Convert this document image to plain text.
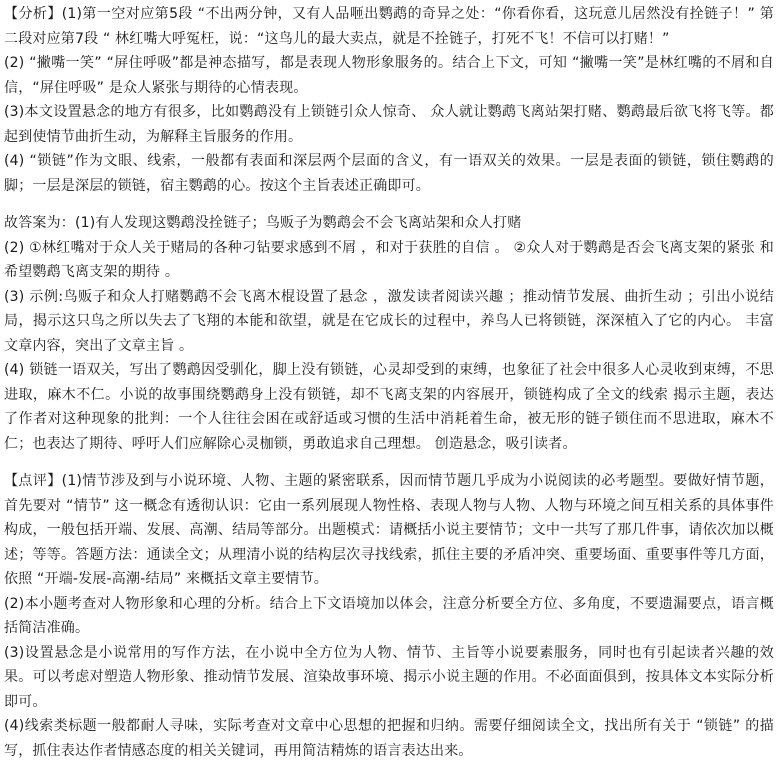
【分析】(1)第一空对应第5段 “不出两分钟，又有人品咂出鹦鹉的奇异之处：“你看你看，这玩意儿居然没有拴链子！” 第二段对应第7段 “ 林红嘴大呼冤枉，说：“这鸟儿的最大卖点，就是不拴链子，打死不飞！不信可以打赌！”

(2) “撇嘴一笑” “屏住呼吸”都是神态描写，都是表现人物形象服务的。结合上下文，可知 “撇嘴一笑”是林红嘴的不屑和自信，“屏住呼吸” 是众人紧张与期待的心情表现。

(3)本文设置悬念的地方有很多，比如鹦鹉没有上锁链引众人惊奇、 众人就让鹦鹉飞离站架打赌、鹦鹉最后欲飞将飞等。都起到使情节曲折生动，为解释主旨服务的作用。

(4) “锁链”作为文眼、线索，一般都有表面和深层两个层面的含义，有一语双关的效果。一层是表面的锁链，锁住鹦鹉的脚；一层是深层的锁链，宿主鹦鹉的心。按这个主旨表述正确即可。

故答案为：(1)有人发现这鹦鹉没拴链子；鸟贩子为鹦鹉会不会飞离站架和众人打赌

(2) ①林红嘴对于众人关于赌局的各种刁钻要求感到不屑 ，和对于获胜的自信 。 ②众人对于鹦鹉是否会飞离支架的紧张 和希望鹦鹉飞离支架的期待 。

(3) 示例:鸟贩子和众人打赌鹦鹉不会飞离木棍设置了悬念 ，激发读者阅读兴趣 ；推动情节发展、曲折生动 ；引出小说结局，揭示这只鸟之所以失去了飞翔的本能和欲望，就是在它成长的过程中，养鸟人已将锁链，深深植入了它的内心。 丰富文章内容，突出了文章主旨 。

(4) 锁链一语双关，写出了鹦鹉因受驯化，脚上没有锁链，心灵却受到的束缚，也象征了社会中很多人心灵收到束缚，不思进取，麻木不仁。小说的故事围绕鹦鹉身上没有锁链，却不飞离支架的内容展开，锁链构成了全文的线索 揭示主题，表达了作者对这种现象的批判：一个人往往会困在或舒适或习惯的生活中消耗着生命，被无形的链子锁住而不思进取，麻木不仁；也表达了期待、呼吁人们应解除心灵枷锁，勇敢追求自己理想。 创造悬念，吸引读者。

【点评】(1)情节涉及到与小说环境、人物、主题的紧密联系，因而情节题几乎成为小说阅读的必考题型。要做好情节题，首先要对 “情节” 这一概念有透彻认识：它由一系列展现人物性格、表现人物与人物、人物与环境之间互相关系的具体事件构成，一般包括开端、发展、高潮、结局等部分。出题模式：请概括小说主要情节；文中一共写了那几件事，请依次加以概述；等等。答题方法：通读全文；从理清小说的结构层次寻找线索，抓住主要的矛盾冲突、重要场面、重要事件等几方面，依照 “开端-发展-高潮-结局” 来概括文章主要情节。

(2)本小题考查对人物形象和心理的分析。结合上下文语境加以体会，注意分析要全方位、多角度，不要遗漏要点，语言概括简洁准确。

(3)设置悬念是小说常用的写作方法，在小说中全方位为人物、情节、主旨等小说要素服务，同时也有引起读者兴趣的效果。可以考虑对塑造人物形象、推动情节发展、渲染故事环境、揭示小说主题的作用。不必面面俱到，按具体文本实际分析即可。

(4)线索类标题一般都耐人寻味，实际考查对文章中心思想的把握和归纳。需要仔细阅读全文，找出所有关于 “锁链” 的描写，抓住表达作者情感态度的相关关键词，再用简洁精炼的语言表达出来。
